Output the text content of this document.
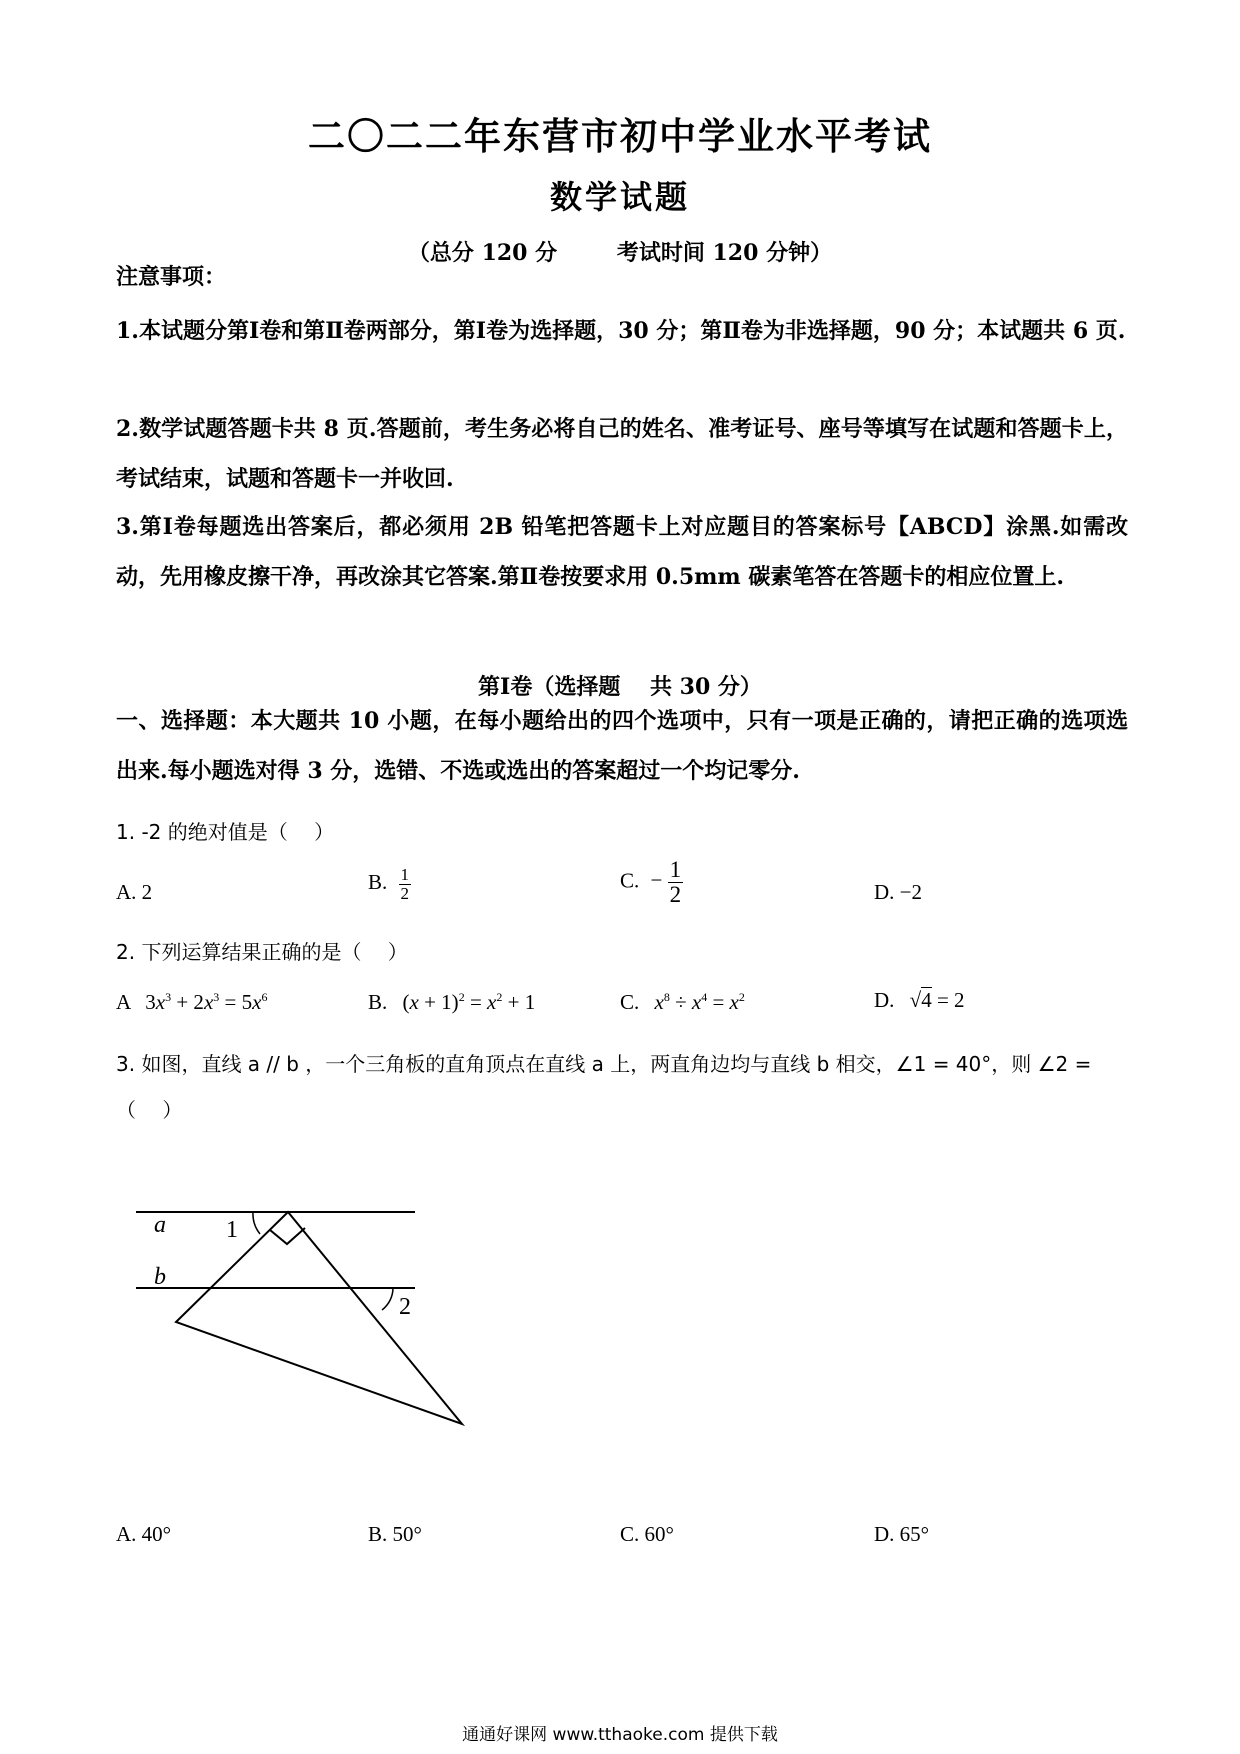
二〇二二年东营市初中学业水平考试
数学试题
（总分 120 分	考试时间 120 分钟）
注意事项：
1.本试题分第Ⅰ卷和第Ⅱ卷两部分，第Ⅰ卷为选择题，30 分；第Ⅱ卷为非选择题，90 分；本试题共 6 页.
2.数学试题答题卡共 8 页.答题前，考生务必将自己的姓名、准考证号、座号等填写在试题和答题卡上，考试结束，试题和答题卡一并收回.
3.第Ⅰ卷每题选出答案后，都必须用 2B 铅笔把答题卡上对应题目的答案标号【ABCD】涂黑.如需改动，先用橡皮擦干净，再改涂其它答案.第Ⅱ卷按要求用 0.5mm 碳素笔答在答题卡的相应位置上.
第Ⅰ卷（选择题　 共 30 分）
一、选择题：本大题共 10 小题，在每小题给出的四个选项中，只有一项是正确的，请把正确的选项选出来.每小题选对得 3 分，选错、不选或选出的答案超过一个均记零分.
1. -2 的绝对值是（　 ）
A. 2	B. $\frac{1}{2}$	C. − $\frac{1}{2}$	D. −2
2. 下列运算结果正确的是（　 ）
A $3x^3 + 2x^3 = 5x^6$	B. $(x + 1)^2 = x^2 + 1$	C. $x^8 \div x^4 = x^2$	D. √4 = 2
3. 如图，直线 a // b ，一个三角板的直角顶点在直线 a 上，两直角边均与直线 b 相交，∠1 = 40°，则 ∠2 =
（　 ）
a
b
1
2
A. 40°	B. 50°	C. 60°	D. 65°
通通好课网 www.tthaoke.com 提供下载
